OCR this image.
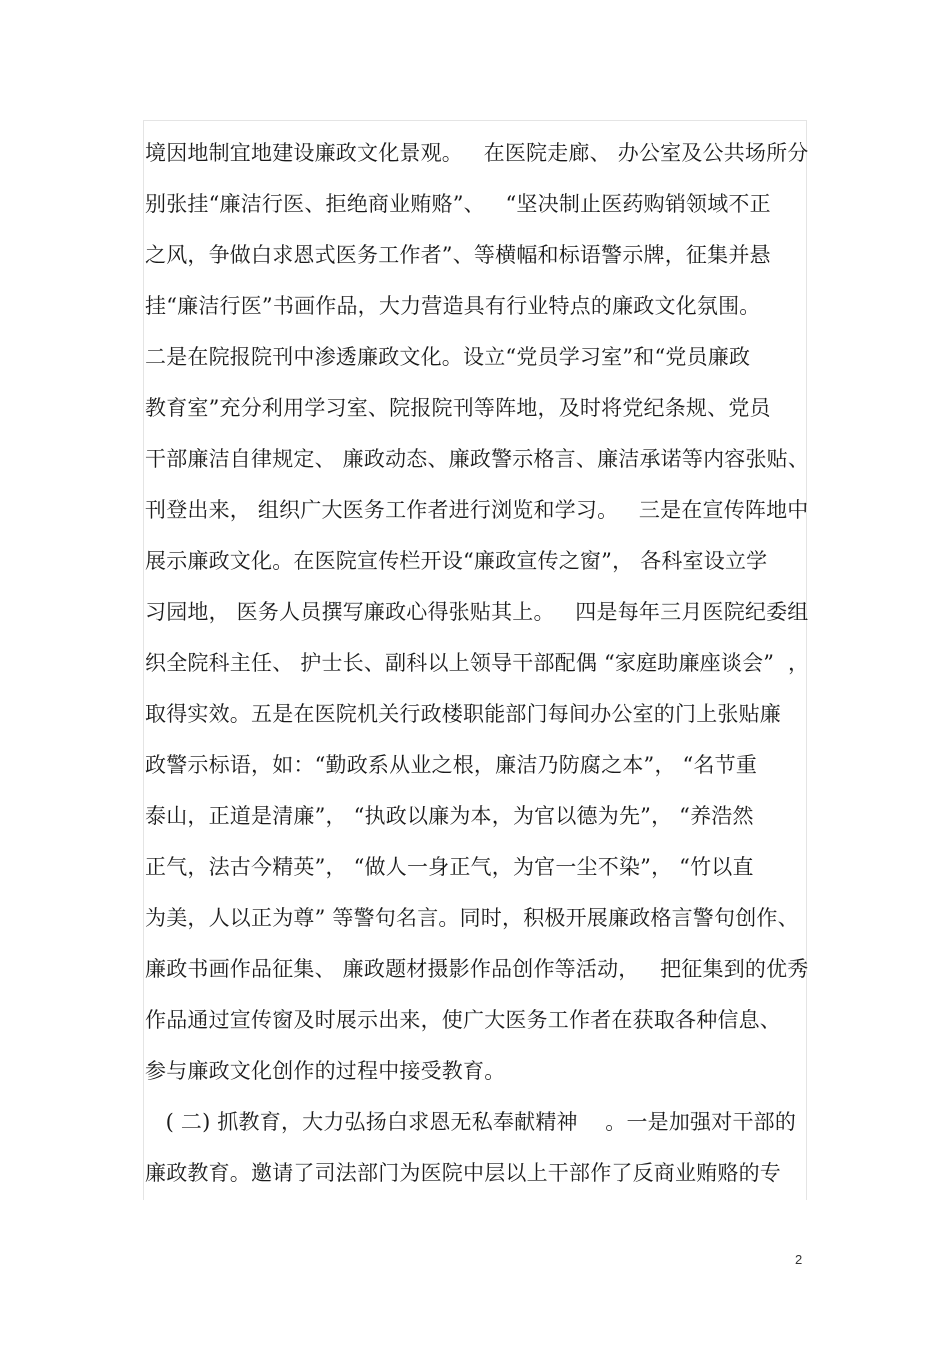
境因地制宜地建设廉政文化景观。   在医院走廊、 办公室及公共场所分

别张挂“廉洁行医、拒绝商业贿赂”、   “坚决制止医药购销领域不正

之风，争做白求恩式医务工作者”、等横幅和标语警示牌，征集并悬

挂“廉洁行医”书画作品，大力营造具有行业特点的廉政文化氛围。

二是在院报院刊中渗透廉政文化。设立“党员学习室”和“党员廉政

教育室”充分利用学习室、院报院刊等阵地，及时将党纪条规、党员

干部廉洁自律规定、 廉政动态、廉政警示格言、廉洁承诺等内容张贴、

刊登出来， 组织广大医务工作者进行浏览和学习。   三是在宣传阵地中

展示廉政文化。在医院宣传栏开设“廉政宣传之窗”， 各科室设立学

习园地， 医务人员撰写廉政心得张贴其上。   四是每年三月医院纪委组

织全院科主任、 护士长、副科以上领导干部配偶 “家庭助廉座谈会”  ，

取得实效。五是在医院机关行政楼职能部门每间办公室的门上张贴廉

政警示标语，如：“勤政系从业之根，廉洁乃防腐之本”， “名节重

泰山，正道是清廉”， “执政以廉为本，为官以德为先”， “养浩然

正气，法古今精英”， “做人一身正气，为官一尘不染”， “竹以直

为美，人以正为尊” 等警句名言。同时，积极开展廉政格言警句创作、

廉政书画作品征集、 廉政题材摄影作品创作等活动，   把征集到的优秀

作品通过宣传窗及时展示出来，使广大医务工作者在获取各种信息、

参与廉政文化创作的过程中接受教育。

( 二) 抓教育，大力弘扬白求恩无私奉献精神    。一是加强对干部的

廉政教育。邀请了司法部门为医院中层以上干部作了反商业贿赂的专

2
